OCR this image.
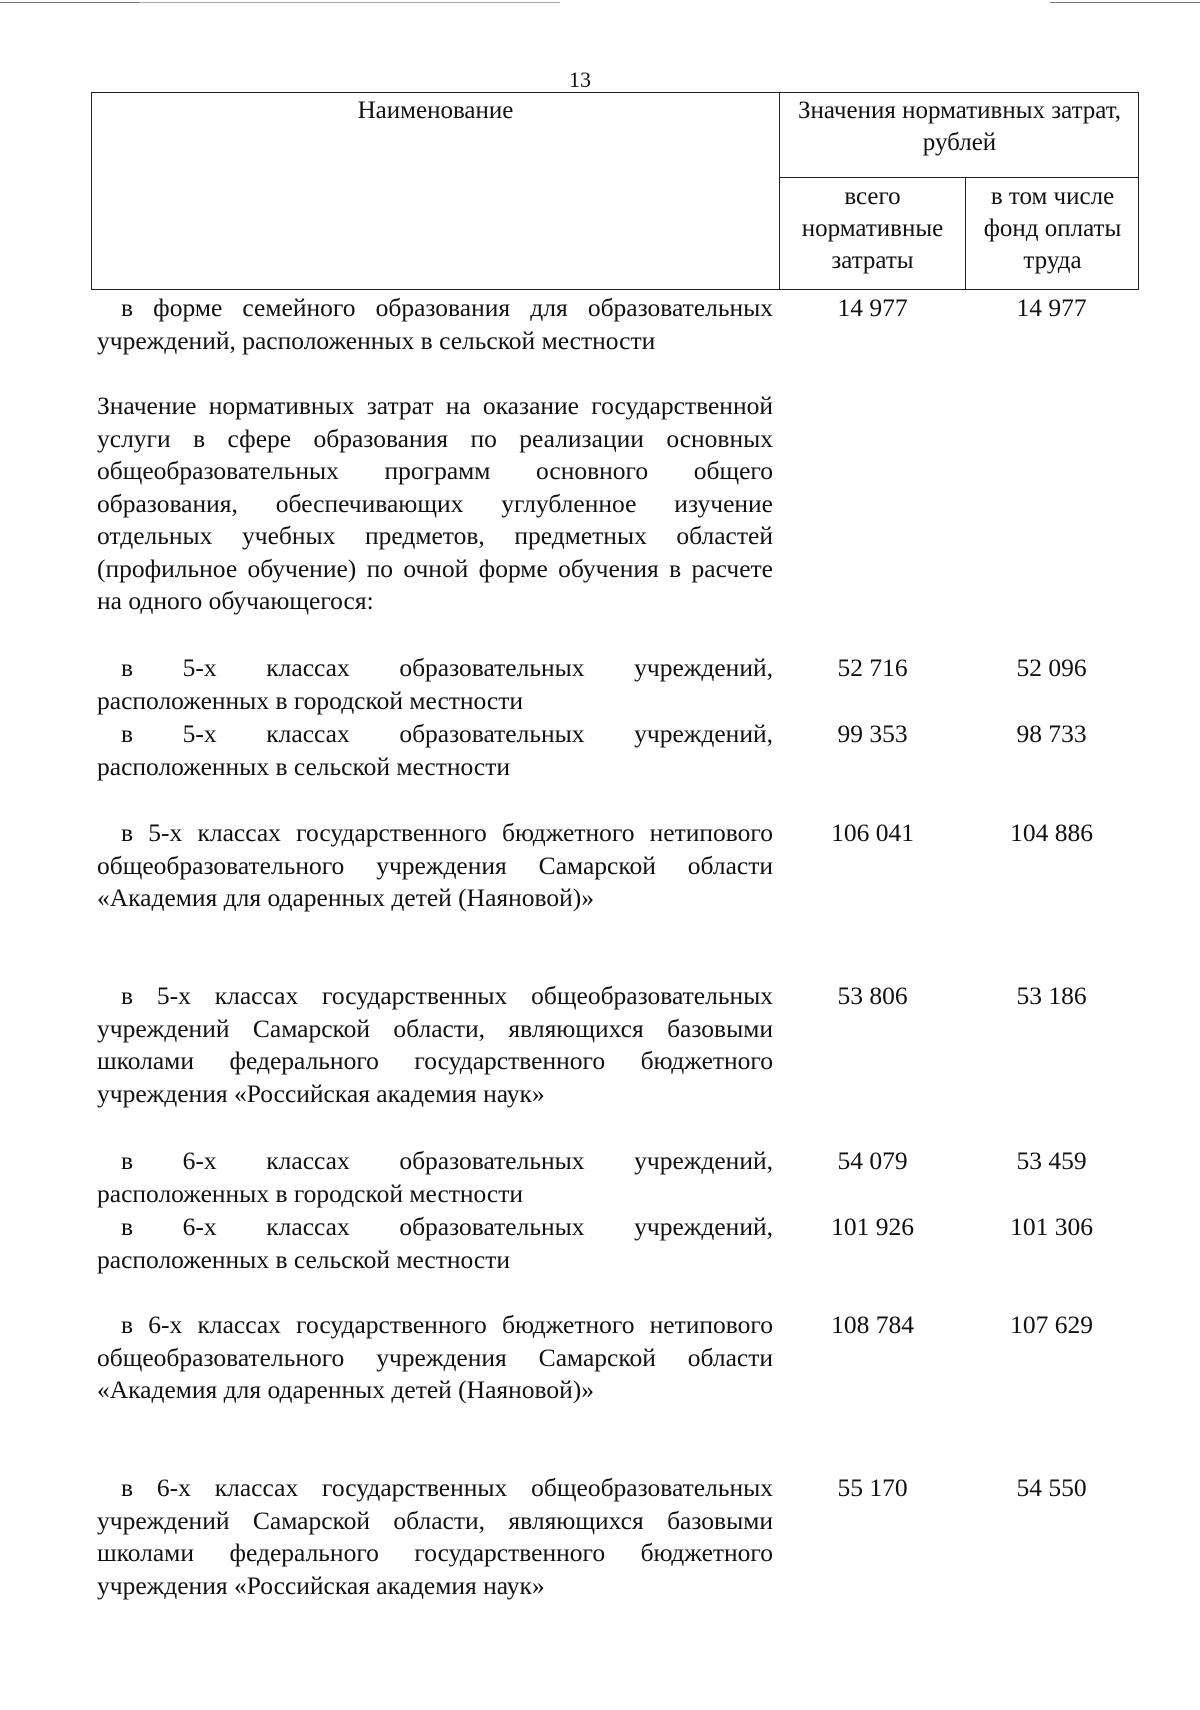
13
Наименование	Значения нормативных затрат, рублей
всего нормативные затраты
в том числе фонд оплаты труда
в форме семейного образования для образовательных учреждений, расположенных в сельской местности
14 977	14 977
Значение нормативных затрат на оказание государственной услуги в сфере образования по реализации основных общеобразовательных программ основного общего образования, обеспечивающих углубленное изучение отдельных учебных предметов, предметных областей (профильное обучение) по очной форме обучения в расчете на одного обучающегося:
в 5-х классах образовательных учреждений, расположенных в городской местности
52 716	52 096
в 5-х классах образовательных учреждений, расположенных в сельской местности
99 353	98 733
в 5-х классах государственного бюджетного нетипового общеобразовательного учреждения Самарской области «Академия для одаренных детей (Наяновой)»
106 041	104 886
в 5-х классах государственных общеобразовательных учреждений Самарской области, являющихся базовыми школами федерального государственного бюджетного учреждения «Российская академия наук»
53 806	53 186
в 6-х классах образовательных учреждений, расположенных в городской местности
54 079	53 459
в 6-х классах образовательных учреждений, расположенных в сельской местности
101 926	101 306
в 6-х классах государственного бюджетного нетипового общеобразовательного учреждения Самарской области «Академия для одаренных детей (Наяновой)»
108 784	107 629
в 6-х классах государственных общеобразовательных учреждений Самарской области, являющихся базовыми школами федерального государственного бюджетного учреждения «Российская академия наук»
55 170	54 550
